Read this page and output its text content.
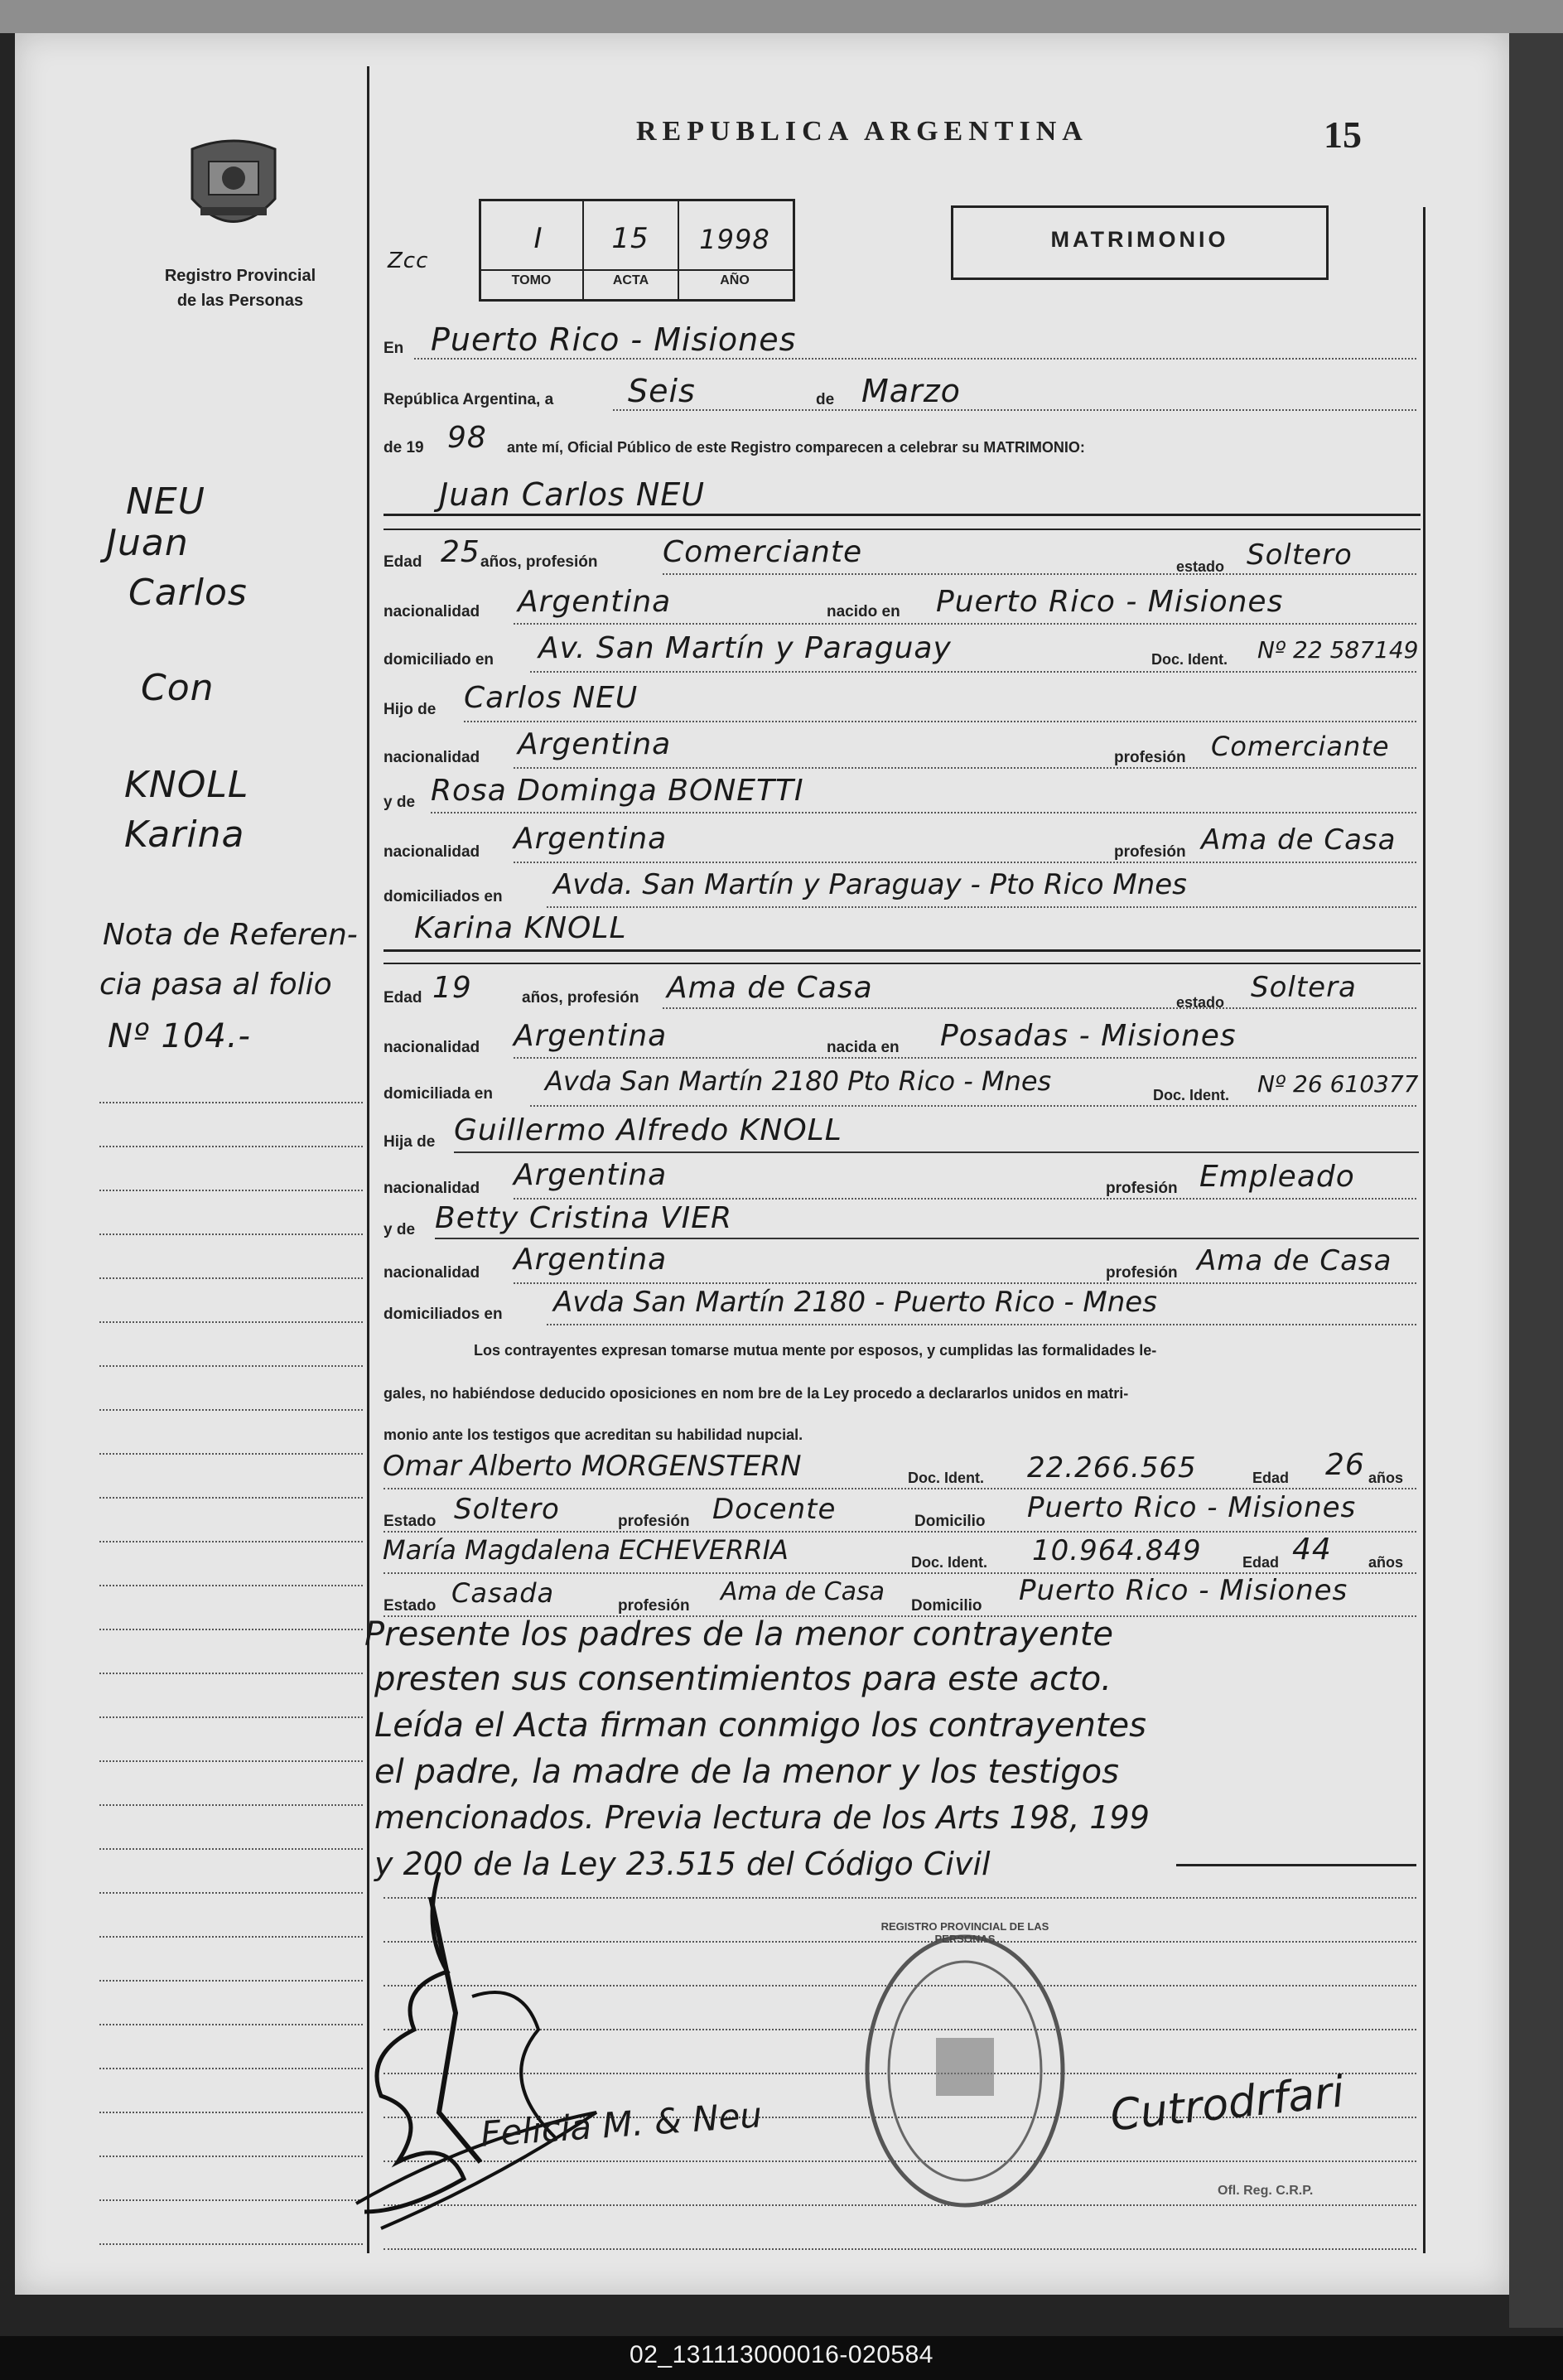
Registro Provincial
de las Personas
REPUBLICA ARGENTINA	15
Zcc
I	15	1998
TOMO	ACTA	AÑO
MATRIMONIO
NEU
Juan
Carlos
Con
KNOLL
Karina
Nota de Referen-
cia pasa al folio
Nº 104.-
En Puerto Rico - Misiones
República Argentina, a Seis	de Marzo
de 19 98 ante mí, Oficial Público de este Registro comparecen a celebrar su MATRIMONIO:
Juan Carlos NEU
Edad 25 años, profesión Comerciante	estado Soltero
nacionalidad Argentina	nacido en Puerto Rico - Misiones
domiciliado en Av. San Martín y Paraguay	Doc. Ident. Nº 22 587149
Hijo de Carlos NEU
nacionalidad Argentina	profesión Comerciante
y de Rosa Dominga BONETTI
nacionalidad Argentina	profesión Ama de Casa
domiciliados en Avda. San Martín y Paraguay - Pto Rico Mnes
Karina KNOLL
Edad 19	años, profesión Ama de Casa	estado Soltera
nacionalidad Argentina	nacida en Posadas - Misiones
domiciliada en Avda San Martín 2180 Pto Rico - Mnes	Doc. Ident. Nº 26 610377
Hija de Guillermo Alfredo KNOLL
nacionalidad Argentina	profesión Empleado
y de Betty Cristina VIER
nacionalidad Argentina	profesión Ama de Casa
domiciliados en Avda San Martín 2180 - Puerto Rico - Mnes
Los contrayentes expresan tomarse mutua mente por esposos, y cumplidas las formalidades le-
gales, no habiéndose deducido oposiciones en nom bre de la Ley procedo a declararlos unidos en matri-
monio ante los testigos que acreditan su habilidad nupcial.
Omar Alberto MORGENSTERN	Doc. Ident. 22.266.565	Edad 26 años
Estado Soltero	profesión Docente	Domicilio Puerto Rico - Misiones
María Magdalena ECHEVERRIA	Doc. Ident. 10.964.849	Edad 44 años
Estado Casada	profesión Ama de Casa Domicilio Puerto Rico - Misiones
Presente los padres de la menor contrayente
presten sus consentimientos para este acto.
Leída el Acta firman conmigo los contrayentes
el padre, la madre de la menor y los testigos
mencionados. Previa lectura de los Arts 198, 199
y 200 de la Ley 23.515 del Código Civil
Felicia M. & Neu
REGISTRO PROVINCIAL DE LAS PERSONAS
Cutrodrfari
Ofl. Reg. C.R.P.
02_131113000016-020584
